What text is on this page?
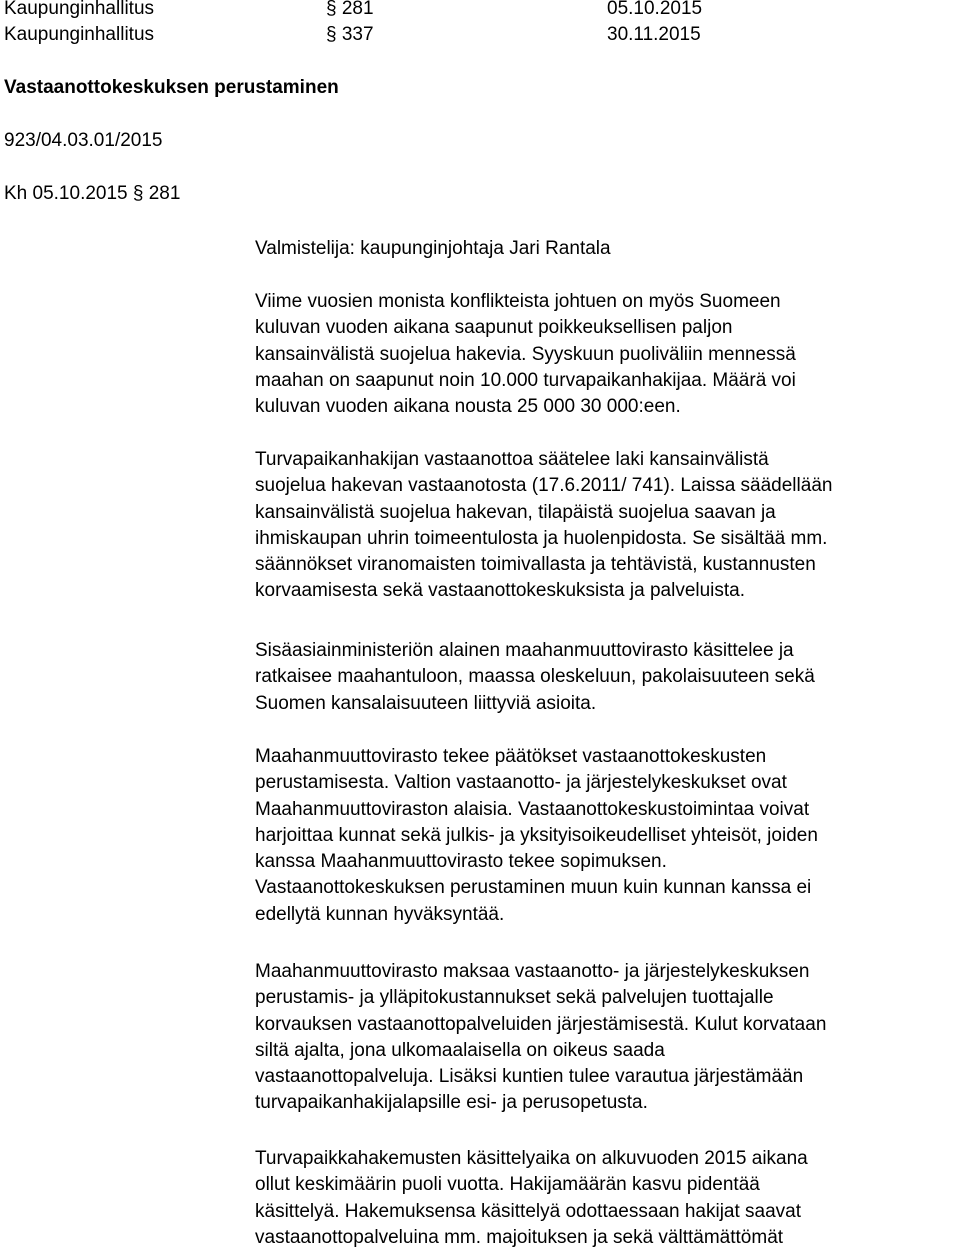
Kaupunginhallitus	§ 281	05.10.2015
Kaupunginhallitus	§ 337	30.11.2015
Vastaanottokeskuksen perustaminen
923/04.03.01/2015
Kh 05.10.2015 § 281
Valmistelija: kaupunginjohtaja Jari Rantala

Viime vuosien monista konflikteista johtuen on myös Suomeen
kuluvan vuoden aikana saapunut poikkeuksellisen paljon
kansainvälistä suojelua hakevia. Syyskuun puoliväliin mennessä
maahan on saapunut noin 10.000 turvapaikanhakijaa. Määrä voi
kuluvan vuoden aikana nousta 25 000 30 000:een.

Turvapaikanhakijan vastaanottoa säätelee laki kansainvälistä
suojelua hakevan vastaanotosta (17.6.2011/ 741). Laissa säädellään
kansainvälistä suojelua hakevan, tilapäistä suojelua saavan ja
ihmiskaupan uhrin toimeentulosta ja huolenpidosta. Se sisältää mm.
säännökset viranomaisten toimivallasta ja tehtävistä, kustannusten
korvaamisesta sekä vastaanottokeskuksista ja palveluista.

Sisäasiainministeriön alainen maahanmuuttovirasto käsittelee ja
ratkaisee maahantuloon, maassa oleskeluun, pakolaisuuteen sekä
Suomen kansalaisuuteen liittyviä asioita.

Maahanmuuttovirasto tekee päätökset vastaanottokeskusten
perustamisesta. Valtion vastaanotto- ja järjestelykeskukset ovat
Maahanmuuttoviraston alaisia. Vastaanottokeskustoimintaa voivat
harjoittaa kunnat sekä julkis- ja yksityisoikeudelliset yhteisöt, joiden
kanssa Maahanmuuttovirasto tekee sopimuksen.
Vastaanottokeskuksen perustaminen muun kuin kunnan kanssa ei
edellytä kunnan hyväksyntää.

Maahanmuuttovirasto maksaa vastaanotto- ja järjestelykeskuksen
perustamis- ja ylläpitokustannukset sekä palvelujen tuottajalle
korvauksen vastaanottopalveluiden järjestämisestä. Kulut korvataan
siltä ajalta, jona ulkomaalaisella on oikeus saada
vastaanottopalveluja. Lisäksi kuntien tulee varautua järjestämään
turvapaikanhakijalapsille esi- ja perusopetusta.

Turvapaikkahakemusten käsittelyaika on alkuvuoden 2015 aikana
ollut keskimäärin puoli vuotta. Hakijamäärän kasvu pidentää
käsittelyä. Hakemuksensa käsittelyä odottaessaan hakijat saavat
vastaanottopalveluina mm. majoituksen ja sekä välttämättömät
